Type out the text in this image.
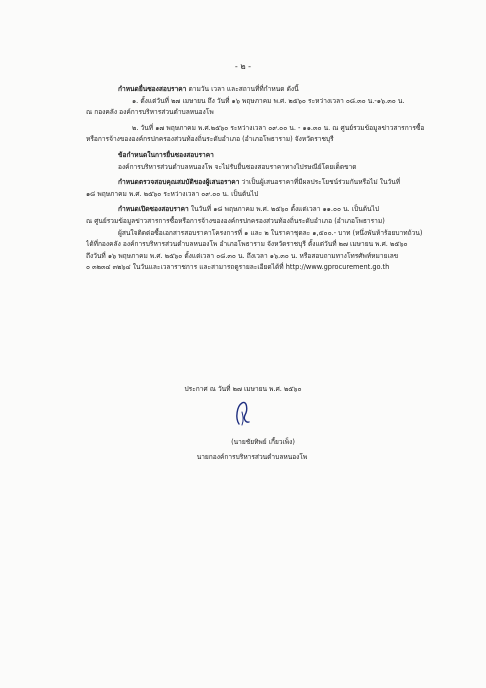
- ๒ -
กำหนดยื่นซองสอบราคา ตามวัน เวลา และสถานที่ที่กำหนด ดังนี้
๑. ตั้งแต่วันที่ ๒๗ เมษายน ถึง วันที่ ๑๖ พฤษภาคม พ.ศ. ๒๕๖๐ ระหว่างเวลา ๐๘.๓๐ น.-๑๖.๓๐ น.
ณ กองคลัง องค์การบริหารส่วนตำบลหนองโพ
๒. วันที่ ๑๗ พฤษภาคม พ.ศ.๒๕๖๐ ระหว่างเวลา ๐๙.๐๐ น. - ๑๑.๓๐ น. ณ ศูนย์รวมข้อมูลข่าวสารการซื้อ
หรือการจ้างขององค์กรปกครองส่วนท้องถิ่นระดับอำเภอ (อำเภอโพธาราม) จังหวัดราชบุรี
ข้อกำหนดในการยื่นซองสอบราคา
องค์การบริหารส่วนตำบลหนองโพ จะไม่รับยื่นซองสอบราคาทางไปรษณีย์โดยเด็ดขาด
กำหนดตรวจสอบคุณสมบัติของผู้เสนอราคา ว่าเป็นผู้เสนอราคาที่มีผลประโยชน์ร่วมกันหรือไม่ ในวันที่
๑๘ พฤษภาคม พ.ศ. ๒๕๖๐ ระหว่างเวลา ๐๙.๐๐ น. เป็นต้นไป
กำหนดเปิดซองสอบราคา ในวันที่ ๑๘ พฤษภาคม พ.ศ. ๒๕๖๐ ตั้งแต่เวลา ๑๑.๐๐ น. เป็นต้นไป
ณ ศูนย์รวมข้อมูลข่าวสารการซื้อหรือการจ้างขององค์กรปกครองส่วนท้องถิ่นระดับอำเภอ (อำเภอโพธาราม)
ผู้สนใจติดต่อซื้อเอกสารสอบราคาโครงการที่ ๑ และ ๒ ในราคาชุดละ ๑,๕๐๐.- บาท (หนึ่งพันห้าร้อยบาทถ้วน)
ได้ที่กองคลัง องค์การบริหารส่วนตำบลหนองโพ อำเภอโพธาราม จังหวัดราชบุรี ตั้งแต่วันที่ ๒๗ เมษายน พ.ศ. ๒๕๖๐
ถึงวันที่ ๑๖ พฤษภาคม พ.ศ. ๒๕๖๐ ตั้งแต่เวลา ๐๘.๓๐ น. ถึงเวลา ๑๖.๓๐ น. หรือสอบถามทางโทรศัพท์หมายเลข
๐ ๓๒๓๔ ๓๒๖๔ ในวันและเวลาราชการ และสามารถดูรายละเอียดได้ที่ http://www.gprocurement.go.th
ประกาศ ณ วันที่ ๒๗ เมษายน พ.ศ. ๒๕๖๐
(นายชัยทิพย์ เกี้ยวเพ็ง)
นายกองค์การบริหารส่วนตำบลหนองโพ
